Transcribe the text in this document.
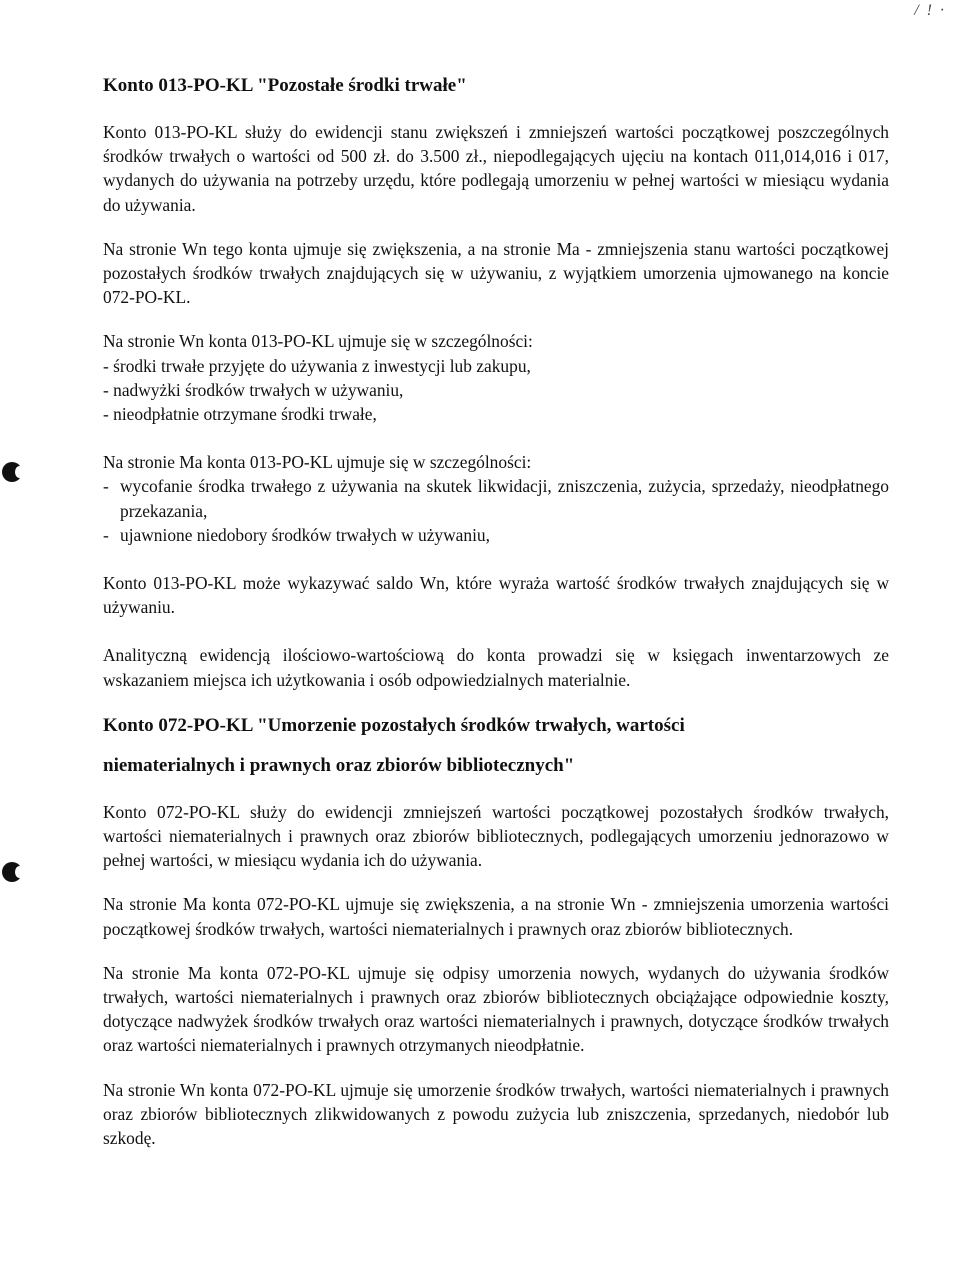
/ ! ·
Konto 013-PO-KL "Pozostałe środki trwałe"

Konto 013-PO-KL służy do ewidencji stanu zwiększeń i zmniejszeń wartości początkowej poszczególnych środków trwałych o wartości od 500 zł. do 3.500 zł., niepodlegających ujęciu na kontach 011,014,016 i 017, wydanych do używania na potrzeby urzędu, które podlegają umorzeniu w pełnej wartości w miesiącu wydania do używania.

Na stronie Wn tego konta ujmuje się zwiększenia, a na stronie Ma - zmniejszenia stanu wartości początkowej pozostałych środków trwałych znajdujących się w używaniu, z wyjątkiem umorzenia ujmowanego na koncie 072-PO-KL.

Na stronie Wn konta 013-PO-KL ujmuje się w szczególności:
- środki trwałe przyjęte do używania z inwestycji lub zakupu,
- nadwyżki środków trwałych w używaniu,
- nieodpłatnie otrzymane środki trwałe,
Na stronie Ma konta 013-PO-KL ujmuje się w szczególności:
- wycofanie środka trwałego z używania na skutek likwidacji, zniszczenia, zużycia, sprzedaży, nieodpłatnego przekazania,
- ujawnione niedobory środków trwałych w używaniu,

Konto 013-PO-KL może wykazywać saldo Wn, które wyraża wartość środków trwałych znajdujących się w używaniu.

Analityczną ewidencją ilościowo-wartościową do konta prowadzi się w księgach inwentarzowych ze wskazaniem miejsca ich użytkowania i osób odpowiedzialnych materialnie.

Konto 072-PO-KL "Umorzenie pozostałych środków trwałych, wartości
niematerialnych i prawnych oraz zbiorów bibliotecznych"

Konto 072-PO-KL służy do ewidencji zmniejszeń wartości początkowej pozostałych środków trwałych, wartości niematerialnych i prawnych oraz zbiorów bibliotecznych, podlegających umorzeniu jednorazowo w pełnej wartości, w miesiącu wydania ich do używania.

Na stronie Ma konta 072-PO-KL ujmuje się zwiększenia, a na stronie Wn - zmniejszenia umorzenia wartości początkowej środków trwałych, wartości niematerialnych i prawnych oraz zbiorów bibliotecznych.

Na stronie Ma konta 072-PO-KL ujmuje się odpisy umorzenia nowych, wydanych do używania środków trwałych, wartości niematerialnych i prawnych oraz zbiorów bibliotecznych obciążające odpowiednie koszty, dotyczące nadwyżek środków trwałych oraz wartości niematerialnych i prawnych, dotyczące środków trwałych oraz wartości niematerialnych i prawnych otrzymanych nieodpłatnie.

Na stronie Wn konta 072-PO-KL ujmuje się umorzenie środków trwałych, wartości niematerialnych i prawnych oraz zbiorów bibliotecznych zlikwidowanych z powodu zużycia lub zniszczenia, sprzedanych, niedobór lub szkodę.
